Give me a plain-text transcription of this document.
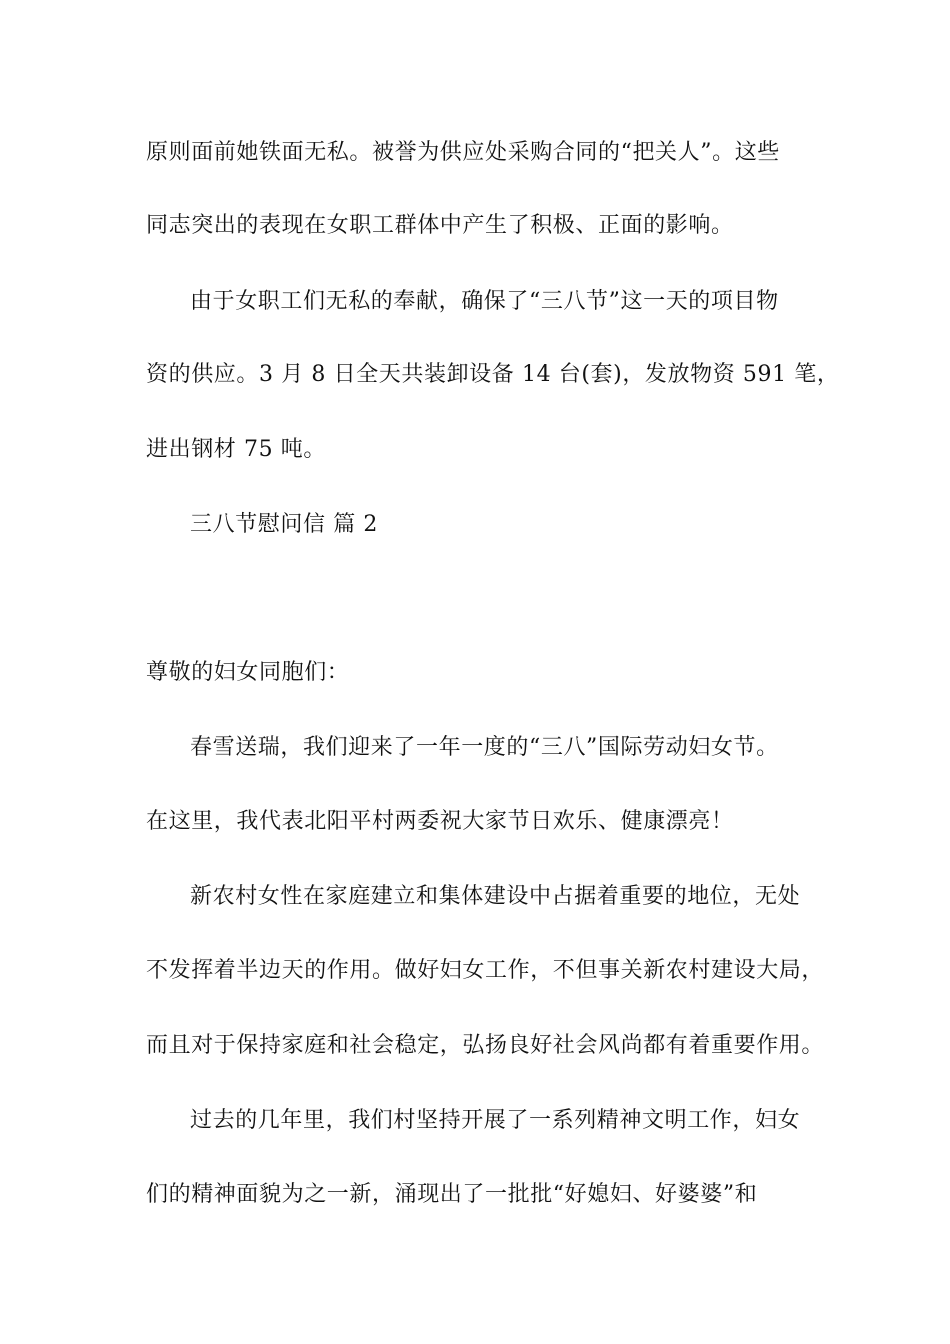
原则面前她铁面无私。被誉为供应处采购合同的“把关人”。这些
同志突出的表现在女职工群体中产生了积极、正面的影响。
由于女职工们无私的奉献，确保了“三八节”这一天的项目物
资的供应。3 月 8 日全天共装卸设备 14 台(套)，发放物资 591 笔，
进出钢材 75 吨。
三八节慰问信 篇 2
尊敬的妇女同胞们：
春雪送瑞，我们迎来了一年一度的“三八”国际劳动妇女节。
在这里，我代表北阳平村两委祝大家节日欢乐、健康漂亮！
新农村女性在家庭建立和集体建设中占据着重要的地位，无处
不发挥着半边天的作用。做好妇女工作，不但事关新农村建设大局，
而且对于保持家庭和社会稳定，弘扬良好社会风尚都有着重要作用。
过去的几年里，我们村坚持开展了一系列精神文明工作，妇女
们的精神面貌为之一新，涌现出了一批批“好媳妇、好婆婆”和
